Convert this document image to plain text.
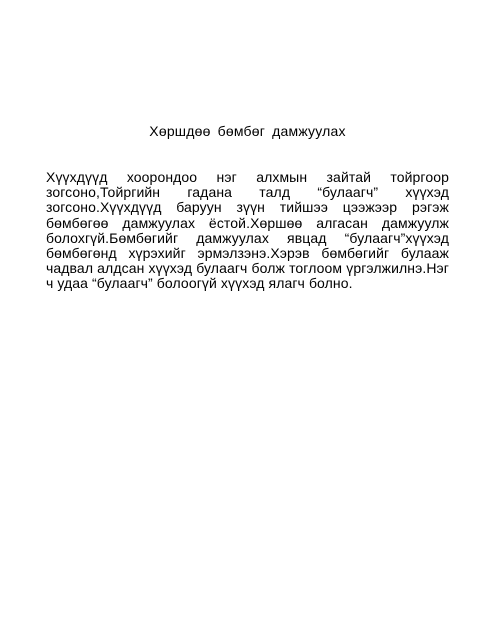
Хөршдөө бөмбөг дамжуулах

Хүүхдүүд хоорондоо нэг алхмын зайтай тойргоор зогсоно,Тойргийн гадана талд “булаагч” хүүхэд зогсоно.Хүүхдүүд баруун зүүн тийшээ цээжээр рэгэж бөмбөгөө дамжуулах ёстой.Хөршөө алгасан дамжуулж болохгүй.Бөмбөгийг дамжуулах явцад “булаагч”хүүхэд бөмбөгөнд хүрэхийг эрмэлзэнэ.Хэрэв бөмбөгийг булааж чадвал алдсан хүүхэд булаагч болж тоглоом үргэлжилнэ.Нэг ч удаа “булаагч” болоогүй хүүхэд ялагч болно.
